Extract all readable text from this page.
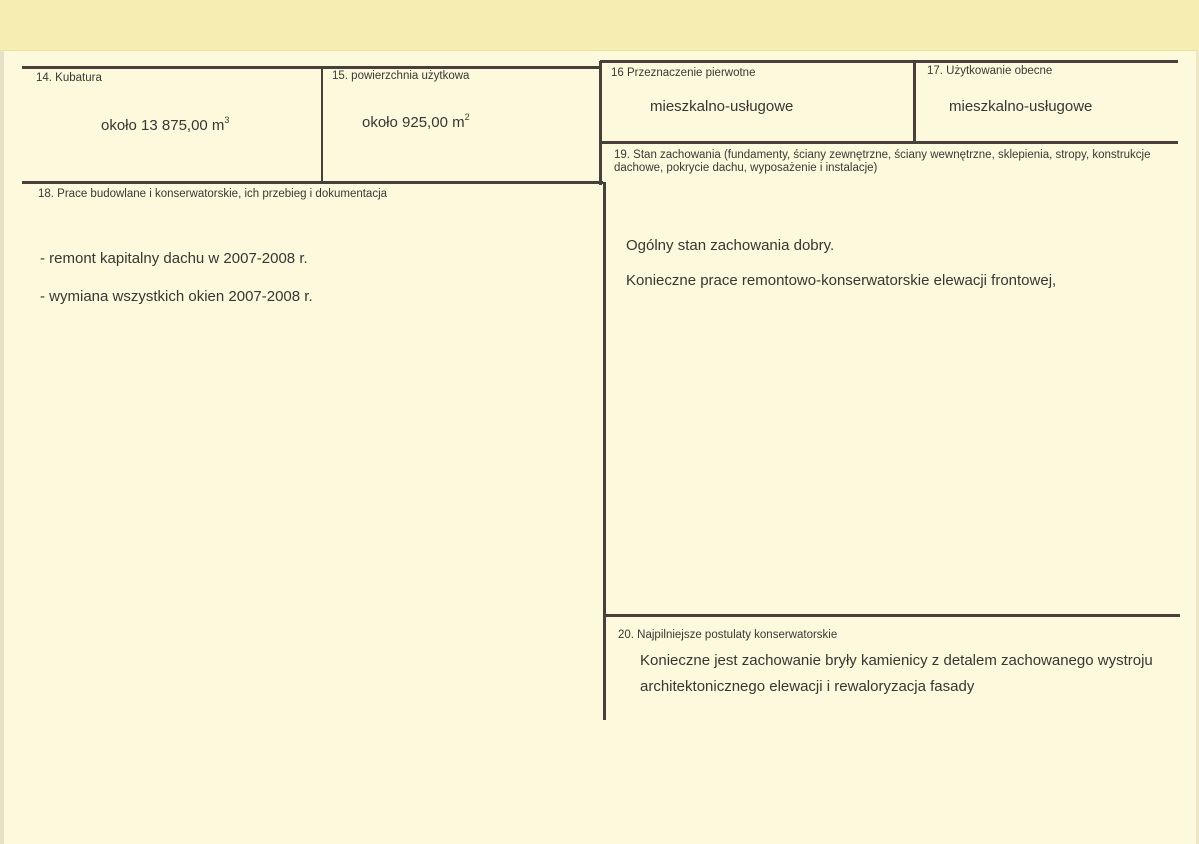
14. Kubatura
około 13 875,00 $m^3$
15. powierzchnia użytkowa
około 925,00 $m^2$
16 Przeznaczenie pierwotne
mieszkalno-usługowe
17. Użytkowanie obecne
mieszkalno-usługowe
18. Prace budowlane i konserwatorskie, ich przebieg i dokumentacja
- remont kapitalny dachu w 2007-2008 r.
- wymiana wszystkich okien 2007-2008 r.
19. Stan zachowania (fundamenty, ściany zewnętrzne, ściany wewnętrzne, sklepienia, stropy, konstrukcje dachowe, pokrycie dachu, wyposażenie i instalacje)
Ogólny stan zachowania dobry.
Konieczne prace remontowo-konserwatorskie elewacji frontowej,
20. Najpilniejsze postulaty konserwatorskie
Konieczne jest zachowanie bryły kamienicy z detalem zachowanego wystroju
architektonicznego elewacji i rewaloryzacja fasady
